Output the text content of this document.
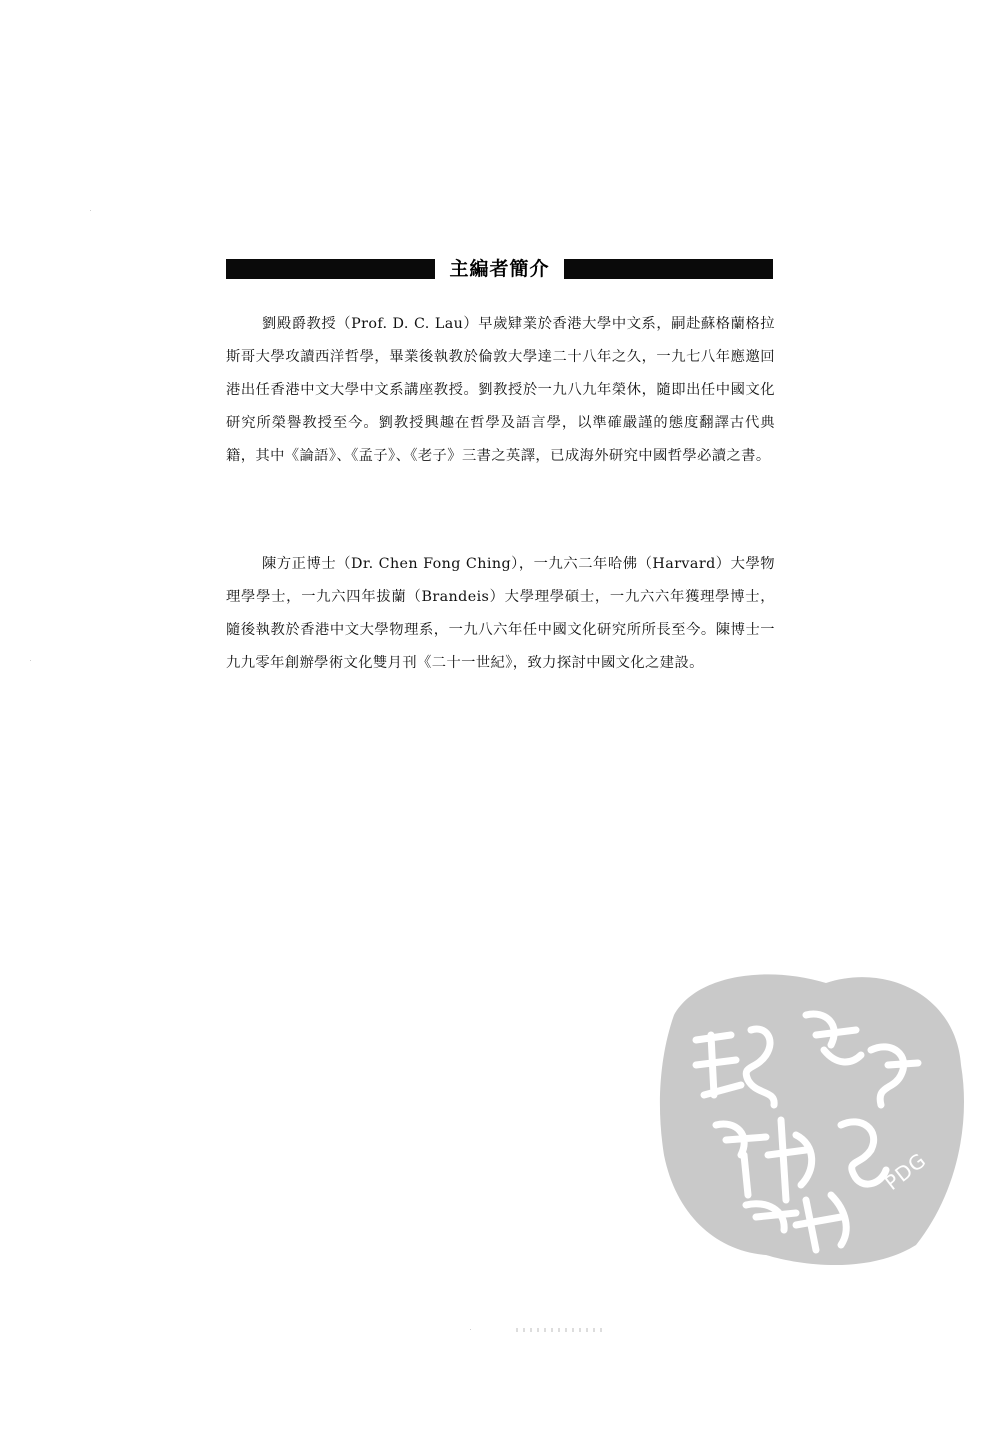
主編者簡介

劉殿爵教授（Prof. D. C. Lau）早歲肄業於香港大學中文系，嗣赴蘇格蘭格拉斯哥大學攻讀西洋哲學，畢業後執教於倫敦大學達二十八年之久，一九七八年應邀回港出任香港中文大學中文系講座教授。劉教授於一九八九年榮休，隨即出任中國文化研究所榮譽教授至今。劉教授興趣在哲學及語言學，以準確嚴謹的態度翻譯古代典籍，其中《論語》、《孟子》、《老子》三書之英譯，已成海外研究中國哲學必讀之書。

陳方正博士（Dr. Chen Fong Ching），一九六二年哈佛（Harvard）大學物理學學士，一九六四年拔蘭（Brandeis）大學理學碩士，一九六六年獲理學博士，隨後執教於香港中文大學物理系，一九八六年任中國文化研究所所長至今。陳博士一九九零年創辦學術文化雙月刊《二十一世紀》，致力探討中國文化之建設。

PDG
